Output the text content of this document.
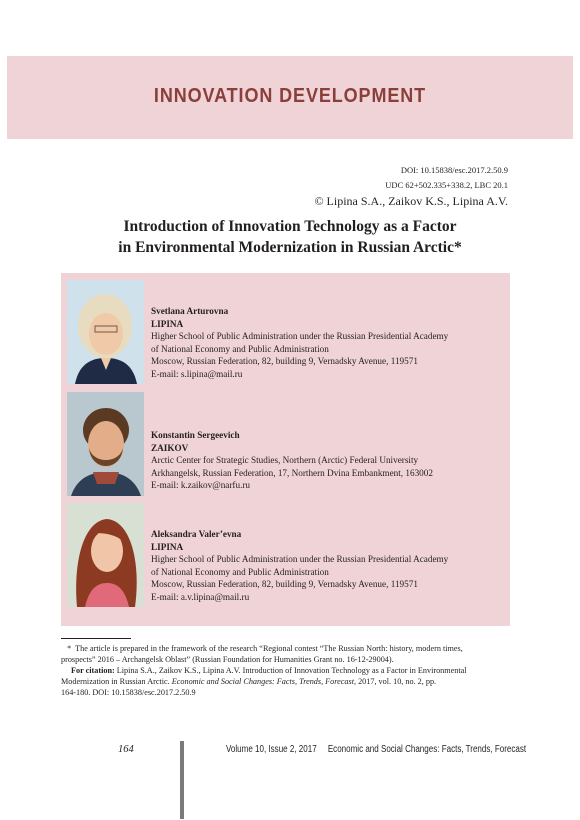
INNOVATION DEVELOPMENT
DOI: 10.15838/esc.2017.2.50.9
UDC 62+502.335+338.2, LBC 20.1
© Lipina S.A., Zaikov K.S., Lipina A.V.
Introduction of Innovation Technology as a Factor
in Environmental Modernization in Russian Arctic*
Svetlana Arturovna
LIPINA
Higher School of Public Administration under the Russian Presidential Academy
of National Economy and Public Administration
Moscow, Russian Federation, 82, building 9, Vernadsky Avenue, 119571
E-mail: s.lipina@mail.ru
Konstantin Sergeevich
ZAIKOV
Arctic Center for Strategic Studies, Northern (Arctic) Federal University
Arkhangelsk, Russian Federation, 17, Northern Dvina Embankment, 163002
E-mail: k.zaikov@narfu.ru
Aleksandra Valer’evna
LIPINA
Higher School of Public Administration under the Russian Presidential Academy
of National Economy and Public Administration
Moscow, Russian Federation, 82, building 9, Vernadsky Avenue, 119571
E-mail: a.v.lipina@mail.ru
*  The article is prepared in the framework of the research “Regional contest “The Russian North: history, modern times,
prospects” 2016 – Archangelsk Oblast” (Russian Foundation for Humanities Grant no. 16-12-29004).
For citation: Lipina S.A., Zaikov K.S., Lipina A.V. Introduction of Innovation Technology as a Factor in Environmental
Modernization in Russian Arctic. Economic and Social Changes: Facts, Trends, Forecast, 2017, vol. 10, no. 2, pp.
164-180. DOI: 10.15838/esc.2017.2.50.9
164	Volume 10, Issue 2, 2017     Economic and Social Changes: Facts, Trends, Forecast
